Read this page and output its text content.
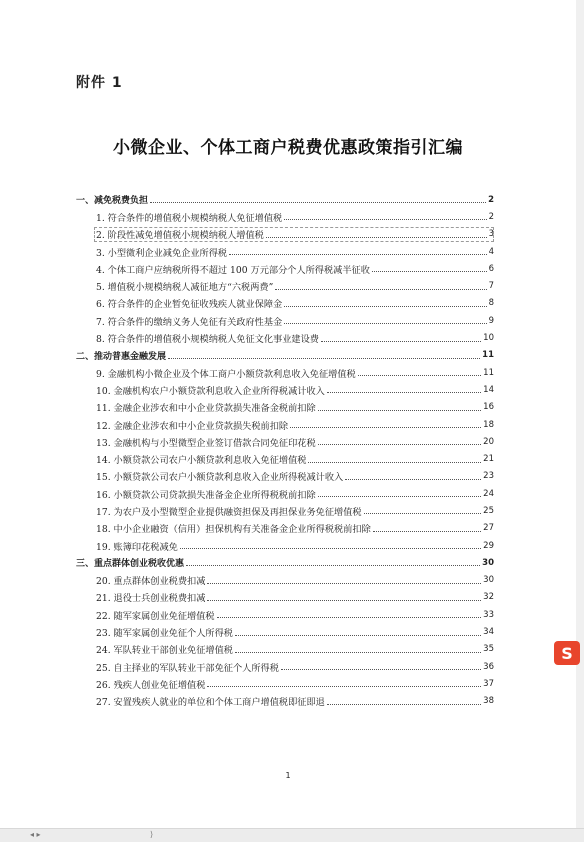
附件 1
小微企业、个体工商户税费优惠政策指引汇编
一、减免税费负担	2
1. 符合条件的增值税小规模纳税人免征增值税	2
2. 阶段性减免增值税小规模纳税人增值税	3
3. 小型微利企业减免企业所得税	4
4. 个体工商户应纳税所得不超过 100 万元部分个人所得税减半征收	6
5. 增值税小规模纳税人减征地方“六税两费”	7
6. 符合条件的企业暂免征收残疾人就业保障金	8
7. 符合条件的缴纳义务人免征有关政府性基金	9
8. 符合条件的增值税小规模纳税人免征文化事业建设费	10
二、推动普惠金融发展	11
9. 金融机构小微企业及个体工商户小额贷款利息收入免征增值税	11
10. 金融机构农户小额贷款利息收入企业所得税减计收入	14
11. 金融企业涉农和中小企业贷款损失准备金税前扣除	16
12. 金融企业涉农和中小企业贷款损失税前扣除	18
13. 金融机构与小型微型企业签订借款合同免征印花税	20
14. 小额贷款公司农户小额贷款利息收入免征增值税	21
15. 小额贷款公司农户小额贷款利息收入企业所得税减计收入	23
16. 小额贷款公司贷款损失准备金企业所得税税前扣除	24
17. 为农户及小型微型企业提供融资担保及再担保业务免征增值税	25
18. 中小企业融资（信用）担保机构有关准备金企业所得税税前扣除	27
19. 账簿印花税减免	29
三、重点群体创业税收优惠	30
20. 重点群体创业税费扣减	30
21. 退役士兵创业税费扣减	32
22. 随军家属创业免征增值税	33
23. 随军家属创业免征个人所得税	34
24. 军队转业干部创业免征增值税	35
25. 自主择业的军队转业干部免征个人所得税	36
26. 残疾人创业免征增值税	37
27. 安置残疾人就业的单位和个体工商户增值税即征即退	38
1
S
◂ ▸	⟩
